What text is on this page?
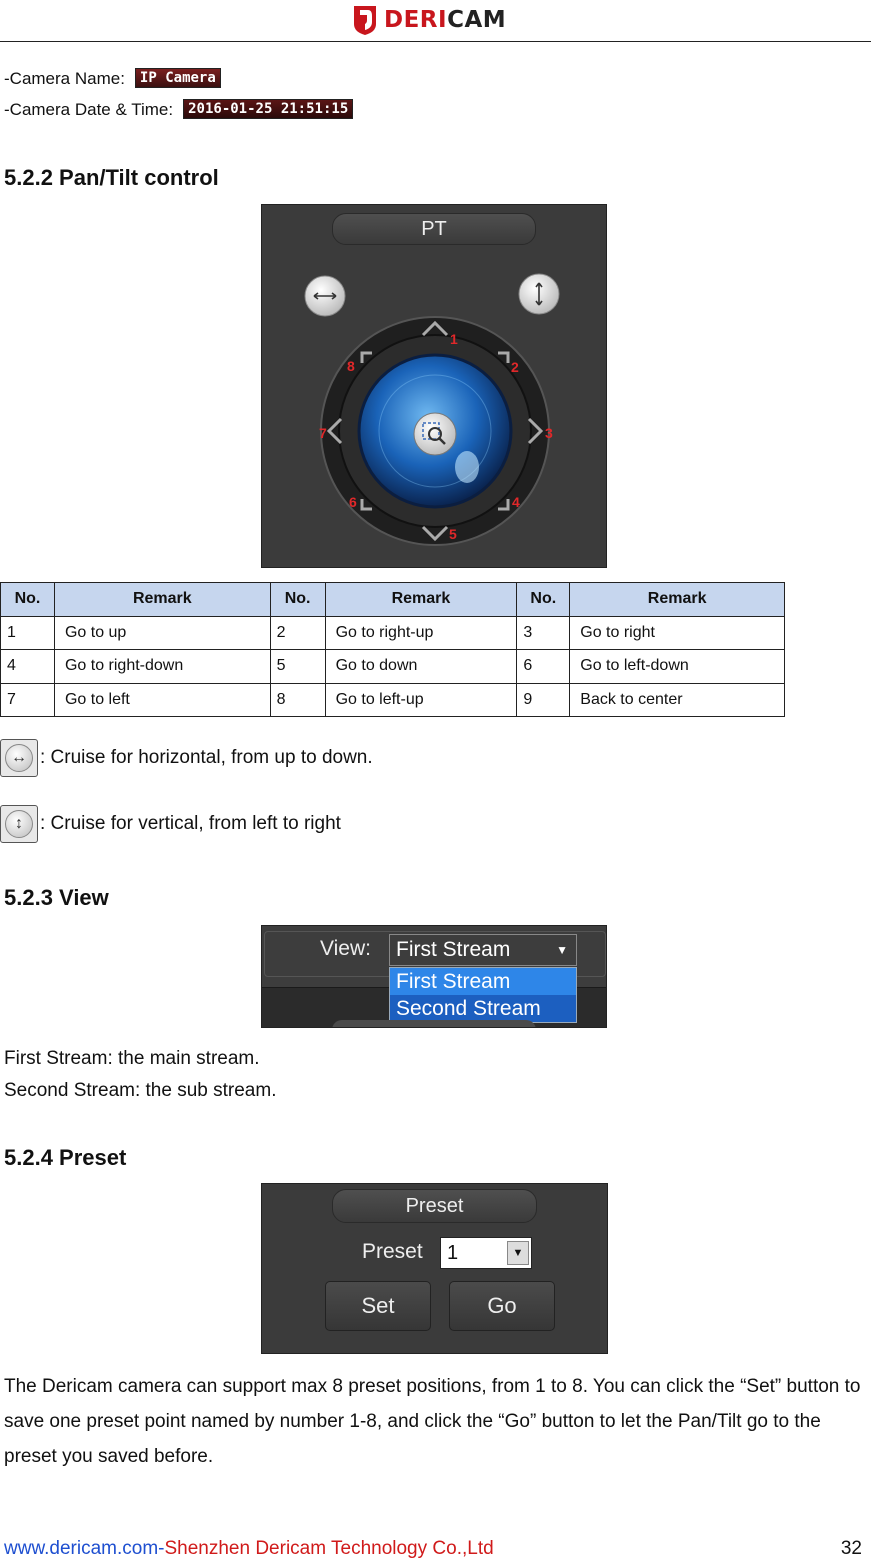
DERICAM
-Camera Name: IP Camera
-Camera Date & Time: 2016-01-25 21:51:15
5.2.2 Pan/Tilt control
PT
1
2
3
4
5
6
7
8
No.	Remark	No.	Remark	No.	Remark
1	Go to up	2	Go to right-up	3	Go to right
4	Go to right-down	5	Go to down	6	Go to left-down
7	Go to left	8	Go to left-up	9	Back to center
↔ : Cruise for horizontal, from up to down.
↕ : Cruise for vertical, from left to right
5.2.3 View
View:	First Stream	▼
First Stream
Second Stream
First Stream: the main stream.
Second Stream: the sub stream.
5.2.4 Preset
Preset
Preset	1	▼
Set	Go
The Dericam camera can support max 8 preset positions, from 1 to 8. You can click the “Set” button to save one preset point named by number 1-8, and click the “Go” button to let the Pan/Tilt go to the preset you saved before.
www.dericam.com-Shenzhen Dericam Technology Co.,Ltd	32
